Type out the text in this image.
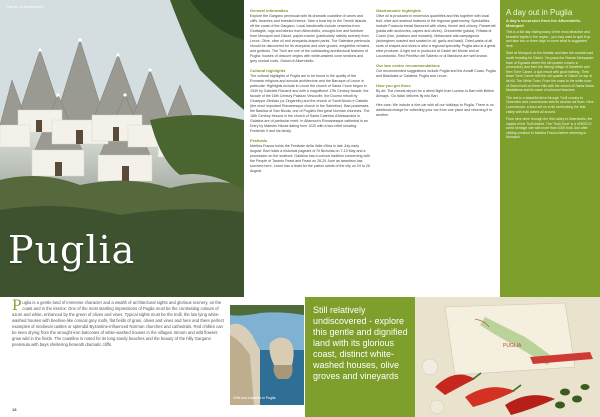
Travel & Adventure
Puglia
General information

Explore the Gargano peninsula with its dramatic coastline of caves and cliffs, beaches and forested interior. Take a boat trip to the Tremiti Islands off the coast of the Gargano. Local handicrafts include ceramics from Grottaglie, rugs and fabrics from Alberobello, wrought-iron and furniture from Monopoli and Ostuni, papier-mache (particularly nativity scenes) from Lecce. Olive, olive oil and vineyards-draped parks. The Salentine peninsula should be discovered for its vineyards and olive groves, megalithic remains and grottoes. The Trulli are one of the outstanding architectural features of Puglia: houses of obscure origins with white-washed cone sections and grey conical roofs, Ostuni of Alberobello.

Cultural highlights

The cultural highlights of Puglia are to be found in the quality of the Romanic religious and secular architecture and the Baroque of Lecce in particular. Highlights include in Lecce the church of Santa Croce begun in 1549 by Gabriele Riccardi and with a magnificent 17th Century facade, the facade of the 16th Century Palazzo Vescovile, the Duomo rebuilt by Giuseppe Zimbalo (or Zingarello) and the church of Santi Nicolo e Cataldo (the most important Romanesque church in the Salentine). Bari possesses the Basilica di San Nicola, one of Puglia's first great Norman churches. The 18th Century frescos in the church of Santa Caterina d'Alessandria in Galatina are of particular merit. In Altamura's Romanesque cathedral is an Entry by Maestro Nicola dating from 1220 with a two-relief showing Frederick II and his family.

Festivals

Martina Franca holds the Festivale della Valle d'Itria in late July-early August. Bari holds a historical pageant of St Nicholas on 7-10 May and a procession on the seafront. Galatina has a curious tradition concerning with the People of Taranto Feast and Feast on 28-29 June as tarantism has survived here. Lecce has a feast for the patron saints of the city on 24 to 26 August.

Gastronomic highlights

Olive oil is produced in enormous quantities and this together with local fruit, olive and seafood features in the regional gastronomy. Specialities include Focaccia bread flavoured with olives, fennel and chicory. Panzerotti (pasta with anchovies, capers and olives), Orecchiette (pasta), Frittata di Cozze (rice, potatoes and mussels). Melanzane alla campagnola (aubergines roasted and soaked in oil, garlic and basil). Dried pasta of all sorts of shapes and sizes is also a regional speciality. Puglia also is a great wine producer. A light red is produced at Castel del Monte and at Locorotondo. Red Primitivo del Salento or di Manduria are well known.

Our two centre recommendations

Our recommended suggestions include Puglia and the Amalfi Coast, Puglia and Basilicata or Calabria, Puglia and Lecce.

How you get there

By air: The closest airport for a direct flight from London is Bari with British Airways. 'Go Italia' delivers fly into Bari.

Hire-cars: We include a hire-car with all our holidays to Puglia. There is no additional charge for collecting your car from one place and returning it to another.

A day out in Puglia
A day's excursion from the Alberobello-Monopoli

This is a full day visiting many of the most attractive and beautiful sights in the region - you may want to split it up and take two or three days to cover what is suggested here.

Start at Monopoli on the Adriatic and take the coastal road south heading for Ostuni. You pass the Roman Messapian town of Egnazia where the old quarter crowns a promontory and then the fishing village of Savelletri and then Torre Canne, a spa resort with good bathing. Then leave Torre Canne with the old quarter of Ostuni on top of its hill. The White Town. From the coast to the white town of Ostuni built on three hills with the church of Santa Maria Maddalena and its maze of coloured beaches.

The rest is a beautiful drive through Trulli country to Cisternino and Locorotondo with its circular old town. Here Locorotondo, a town set on a hill overlooking the Itria valley with trulli dotted all around.

From here drive through the Itria valley to Alberobello, the capital of the Trulli district. The 'Trulli Zone' is a UNESCO world heritage site with more than 1000 trulli. And after visiting continue to Martina Franca before returning to Monopoli.

Puglia is a gentle land of immense character and a wealth of architectural sights and glorious scenery, on the coast and in the interior. One of the most startling impressions of Puglia must be the contrasting colours of azure and white, enhanced by the green of olives and vines. Typical sights must be the trulli, the low lying white-washed houses with beehive-like conical grey roofs, flat fields of grain, olives and vines and here and there perfect examples of medieval castles or splendid Byzantine-influenced Norman churches and cathedrals. Red chillies can be seen drying from the wrought-iron balconies of white-washed houses in the villages. Broom and wild flowers grow wild in the fields. The coastline is noted for its long sandy beaches and the beauty of the hilly Gargano peninsula with bays sheltering beneath dramatic cliffs.
Cliffs and coastline in Puglia
Still relatively undiscovered - explore this gentle and dignified land with its glorious coast, distinct white-washed houses, olive groves and vineyards
PUGLIA
18
